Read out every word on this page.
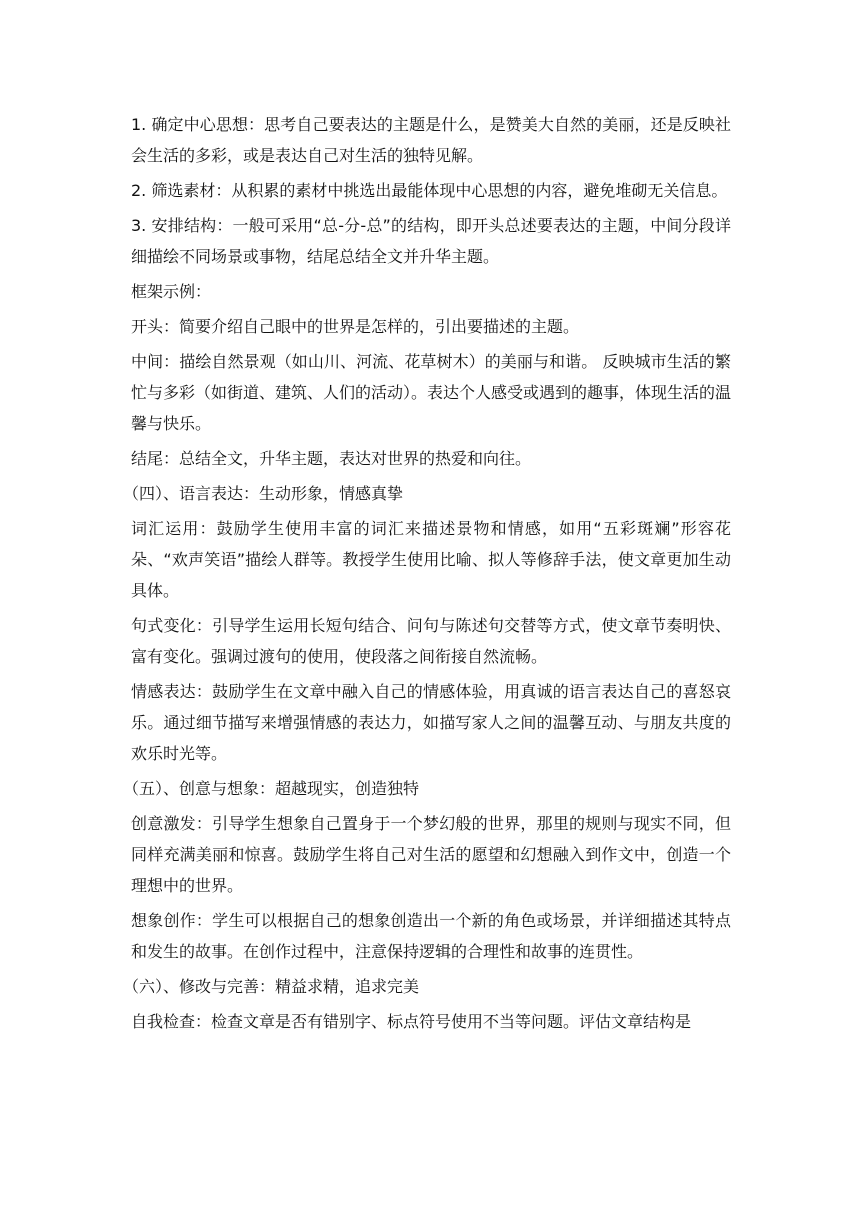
1. 确定中心思想：思考自己要表达的主题是什么，是赞美大自然的美丽，还是反映社会生活的多彩，或是表达自己对生活的独特见解。

2. 筛选素材：从积累的素材中挑选出最能体现中心思想的内容，避免堆砌无关信息。

3. 安排结构：一般可采用“总-分-总”的结构，即开头总述要表达的主题，中间分段详细描绘不同场景或事物，结尾总结全文并升华主题。

框架示例：

开头：简要介绍自己眼中的世界是怎样的，引出要描述的主题。

中间：描绘自然景观（如山川、河流、花草树木）的美丽与和谐。 反映城市生活的繁忙与多彩（如街道、建筑、人们的活动）。表达个人感受或遇到的趣事，体现生活的温馨与快乐。

结尾：总结全文，升华主题，表达对世界的热爱和向往。

（四）、语言表达：生动形象，情感真挚

词汇运用：鼓励学生使用丰富的词汇来描述景物和情感，如用“五彩斑斓”形容花朵、“欢声笑语”描绘人群等。教授学生使用比喻、拟人等修辞手法，使文章更加生动具体。

句式变化：引导学生运用长短句结合、问句与陈述句交替等方式，使文章节奏明快、富有变化。强调过渡句的使用，使段落之间衔接自然流畅。

情感表达：鼓励学生在文章中融入自己的情感体验，用真诚的语言表达自己的喜怒哀乐。通过细节描写来增强情感的表达力，如描写家人之间的温馨互动、与朋友共度的欢乐时光等。

（五）、创意与想象：超越现实，创造独特

创意激发：引导学生想象自己置身于一个梦幻般的世界，那里的规则与现实不同，但同样充满美丽和惊喜。鼓励学生将自己对生活的愿望和幻想融入到作文中，创造一个理想中的世界。

想象创作：学生可以根据自己的想象创造出一个新的角色或场景，并详细描述其特点和发生的故事。在创作过程中，注意保持逻辑的合理性和故事的连贯性。

（六）、修改与完善：精益求精，追求完美

自我检查：检查文章是否有错别字、标点符号使用不当等问题。评估文章结构是
